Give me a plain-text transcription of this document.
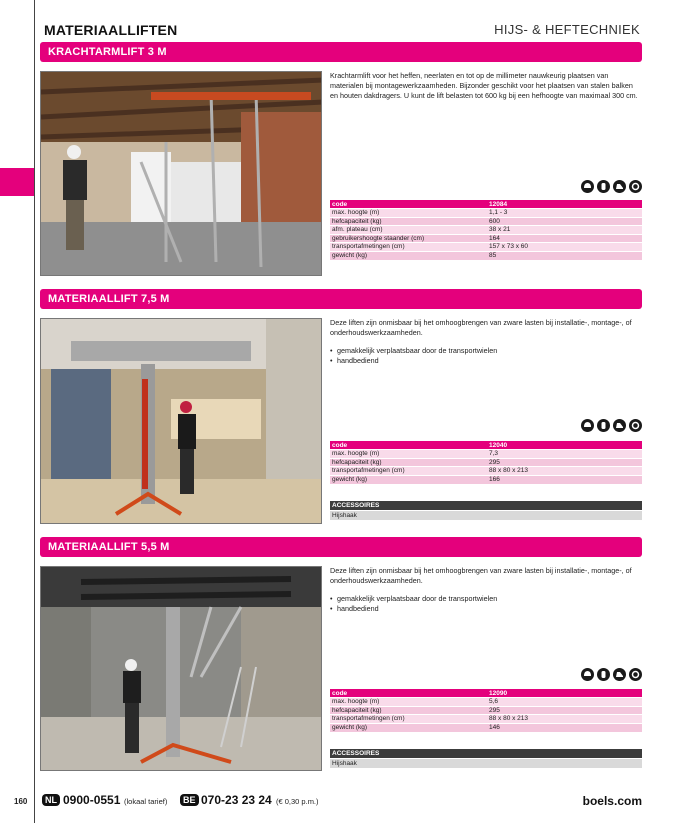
MATERIAALLIFTEN	HIJS- & HEFTECHNIEK
KRACHTARMLIFT 3 M
Krachtarmlift voor het heffen, neerlaten en tot op de millimeter nauwkeurig plaatsen van materialen bij montagewerkzaamheden. Bijzonder geschikt voor het plaatsen van stalen balken en houten dakdragers. U kunt de lift belasten tot 600 kg bij een hefhoogte van maximaal 300 cm.
code	12084
max. hoogte (m)	1,1 - 3
hefcapaciteit (kg)	600
afm. plateau (cm)	38 x 21
gebruikershoogte staander (cm)	164
transportafmetingen (cm)	157 x 73 x 60
gewicht (kg)	85
MATERIAALLIFT 7,5 M
Deze liften zijn onmisbaar bij het omhoogbrengen van zware lasten bij installatie-, montage-, of onderhoudswerkzaamheden.
• gemakkelijk verplaatsbaar door de transportwielen
• handbediend
code	12040
max. hoogte (m)	7,3
hefcapaciteit (kg)	295
transportafmetingen (cm)	88 x 80 x 213
gewicht (kg)	166
ACCESSOIRES
Hijshaak
MATERIAALLIFT 5,5 M
Deze liften zijn onmisbaar bij het omhoogbrengen van zware lasten bij installatie-, montage-, of onderhoudswerkzaamheden.
• gemakkelijk verplaatsbaar door de transportwielen
• handbediend
code	12090
max. hoogte (m)	5,6
hefcapaciteit (kg)	295
transportafmetingen (cm)	88 x 80 x 213
gewicht (kg)	146
ACCESSOIRES
Hijshaak
160	NL 0900-0551 (lokaal tarief)	BE 070-23 23 24 (€ 0,30 p.m.)	boels.com
